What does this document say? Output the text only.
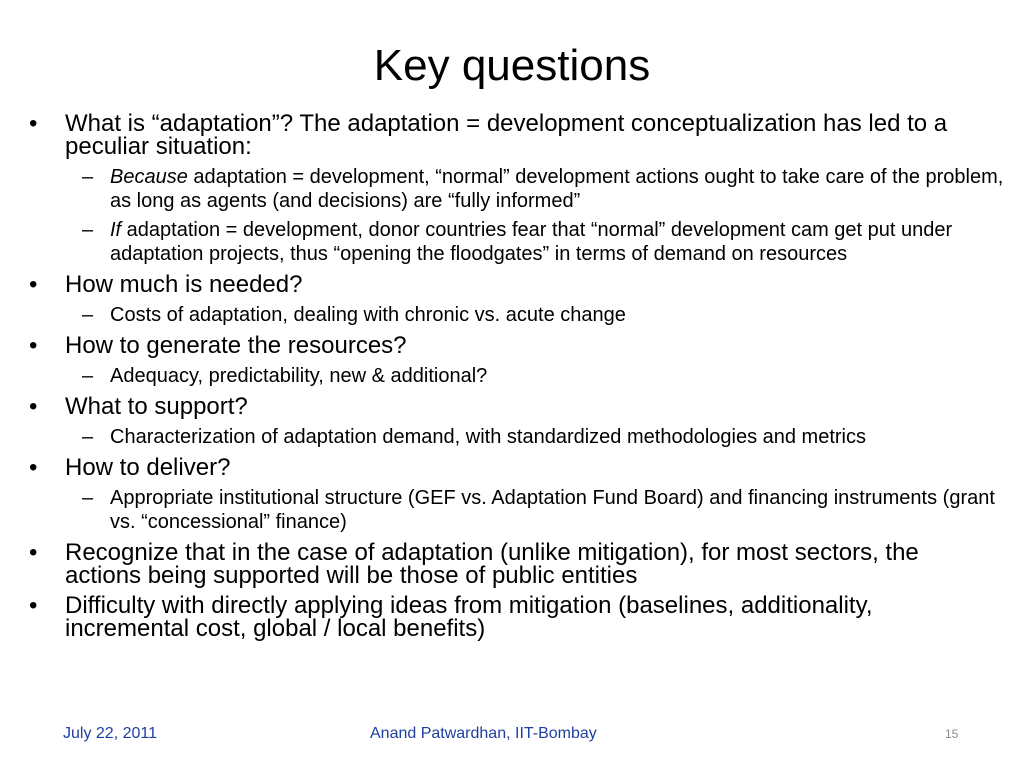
Key questions
• What is “adaptation”? The adaptation = development conceptualization has led to a peculiar situation:
– Because adaptation = development, “normal” development actions ought to take care of the problem, as long as agents (and decisions) are “fully informed”
– If adaptation = development, donor countries fear that “normal” development cam get put under adaptation projects, thus “opening the floodgates” in terms of demand on resources
• How much is needed?
– Costs of adaptation, dealing with chronic vs. acute change
• How to generate the resources?
– Adequacy, predictability, new & additional?
• What to support?
– Characterization of adaptation demand, with standardized methodologies and metrics
• How to deliver?
– Appropriate institutional structure (GEF vs. Adaptation Fund Board) and financing instruments (grant vs. “concessional” finance)
• Recognize that in the case of adaptation (unlike mitigation), for most sectors, the actions being supported will be those of public entities
• Difficulty with directly applying ideas from mitigation (baselines, additionality, incremental cost, global / local benefits)
July 22, 2011	Anand Patwardhan, IIT-Bombay	15
